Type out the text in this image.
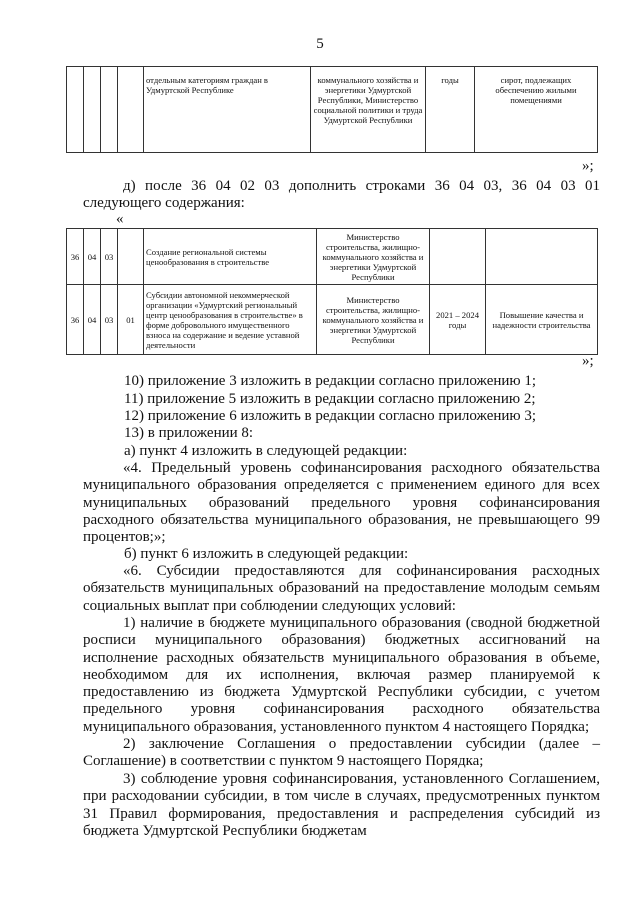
5
				отдельным категориям граждан в Удмуртской Республике	коммунального хозяйства и энергетики Удмуртской Республики, Министерство социальной политики и труда Удмуртской Республики	годы	сирот, подлежащих обеспечению жилыми помещениями
»;
д) после 36 04 02 03 дополнить строками 36 04 03, 36 04 03 01 следующего содержания:
«
36	04	03		Создание региональной системы ценообразования в строительстве	Министерство строительства, жилищно-коммунального хозяйства и энергетики Удмуртской Республики		
36	04	03	01	Субсидии автономной некоммерческой организации «Удмуртский региональный центр ценообразования в строительстве» в форме добровольного имущественного взноса на содержание и ведение уставной деятельности	Министерство строительства, жилищно-коммунального хозяйства и энергетики Удмуртской Республики	2021 – 2024 годы	Повышение качества и надежности строительства
»;
10) приложение 3 изложить в редакции согласно приложению 1;
11) приложение 5 изложить в редакции согласно приложению 2;
12) приложение 6 изложить в редакции согласно приложению 3;
13) в приложении 8:
а) пункт 4 изложить в следующей редакции:
«4. Предельный уровень софинансирования расходного обязательства муниципального образования определяется с применением единого для всех муниципальных образований предельного уровня софинансирования расходного обязательства муниципального образования, не превышающего 99 процентов;»;
б) пункт 6 изложить в следующей редакции:
«6. Субсидии предоставляются для софинансирования расходных обязательств муниципальных образований на предоставление молодым семьям социальных выплат при соблюдении следующих условий:
1) наличие в бюджете муниципального образования (сводной бюджетной росписи муниципального образования) бюджетных ассигнований на исполнение расходных обязательств муниципального образования в объеме, необходимом для их исполнения, включая размер планируемой к предоставлению из бюджета Удмуртской Республики субсидии, с учетом предельного уровня софинансирования расходного обязательства муниципального образования, установленного пунктом 4 настоящего Порядка;
2) заключение Соглашения о предоставлении субсидии (далее – Соглашение) в соответствии с пунктом 9 настоящего Порядка;
3) соблюдение уровня софинансирования, установленного Соглашением, при расходовании субсидии, в том числе в случаях, предусмотренных пунктом 31 Правил формирования, предоставления и распределения субсидий из бюджета Удмуртской Республики бюджетам
